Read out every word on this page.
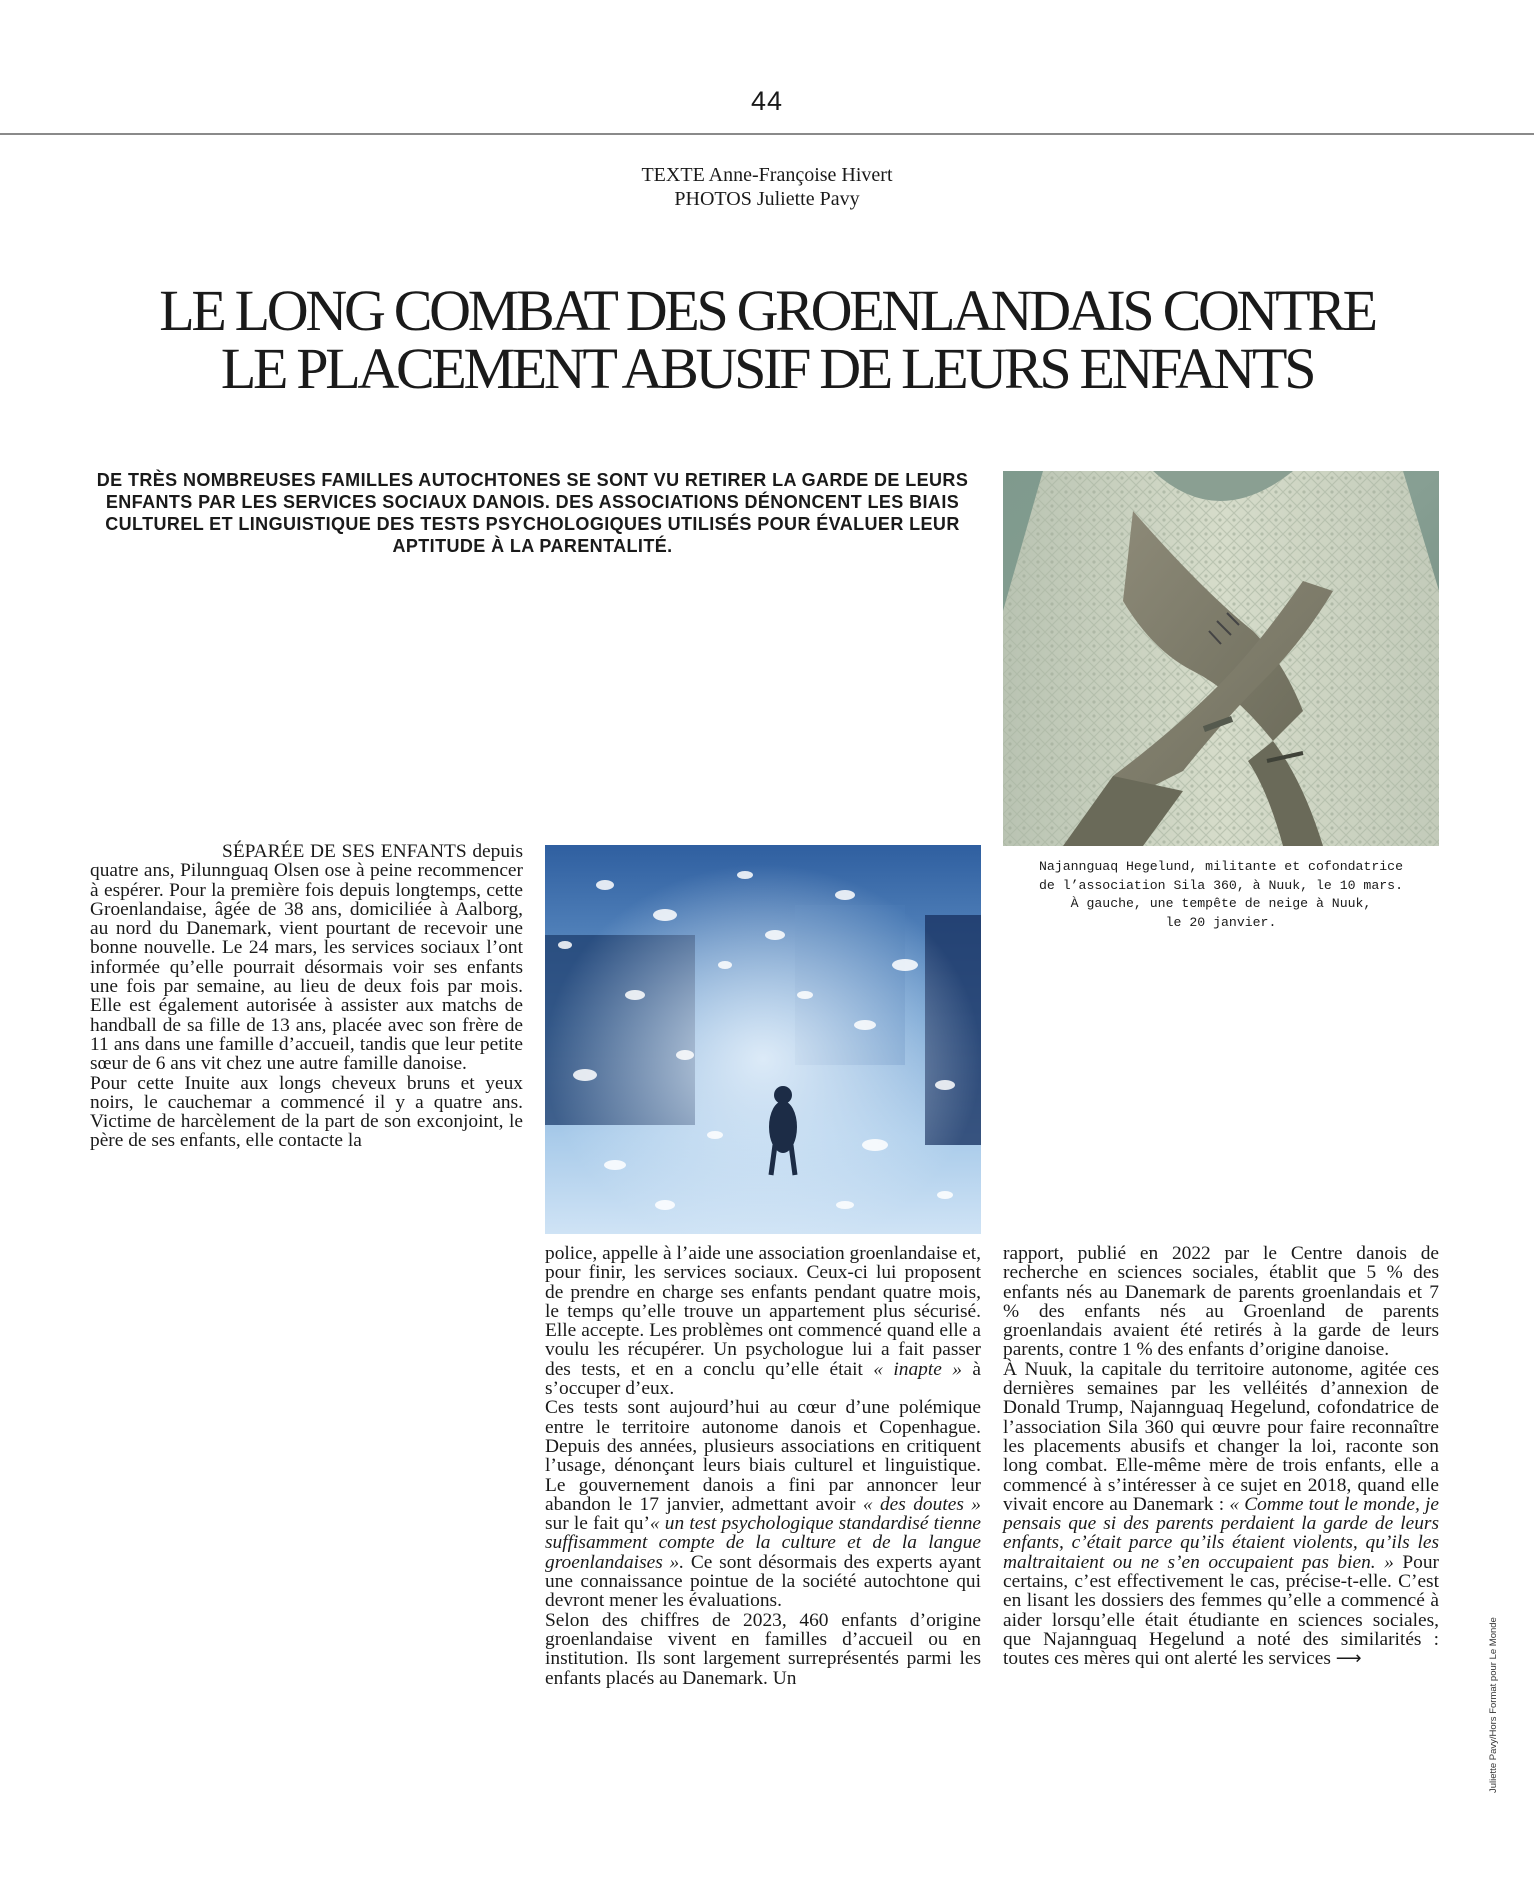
44
TEXTE Anne-Françoise Hivert
PHOTOS Juliette Pavy
LE LONG COMBAT DES GROENLANDAIS CONTRE
LE PLACEMENT ABUSIF DE LEURS ENFANTS
DE TRÈS NOMBREUSES FAMILLES AUTOCHTONES SE SONT VU RETIRER LA GARDE DE LEURS ENFANTS PAR LES SERVICES SOCIAUX DANOIS. DES ASSOCIATIONS DÉNONCENT LES BIAIS CULTUREL ET LINGUISTIQUE DES TESTS PSYCHOLOGIQUES UTILISÉS POUR ÉVALUER LEUR APTITUDE À LA PARENTALITÉ.
Najannguaq Hegelund, militante et cofondatrice
de l’association Sila 360, à Nuuk, le 10 mars.
À gauche, une tempête de neige à Nuuk,
le 20 janvier.

SÉPARÉE DE SES ENFANTS depuis quatre ans, Pilunnguaq Olsen ose à peine recommencer à espérer. Pour la première fois depuis longtemps, cette Groenlandaise, âgée de 38 ans, domiciliée à Aalborg, au nord du Danemark, vient pourtant de recevoir une bonne nouvelle. Le 24 mars, les services sociaux l’ont informée qu’elle pourrait désormais voir ses enfants une fois par semaine, au lieu de deux fois par mois. Elle est également autorisée à assister aux matchs de handball de sa fille de 13 ans, placée avec son frère de 11 ans dans une famille d’accueil, tandis que leur petite sœur de 6 ans vit chez une autre famille danoise.

Pour cette Inuite aux longs cheveux bruns et yeux noirs, le cauchemar a commencé il y a quatre ans. Victime de harcèlement de la part de son exconjoint, le père de ses enfants, elle contacte la

police, appelle à l’aide une association groenlandaise et, pour finir, les services sociaux. Ceux-ci lui proposent de prendre en charge ses enfants pendant quatre mois, le temps qu’elle trouve un appartement plus sécurisé. Elle accepte. Les problèmes ont commencé quand elle a voulu les récupérer. Un psychologue lui a fait passer des tests, et en a conclu qu’elle était « inapte » à s’occuper d’eux.

Ces tests sont aujourd’hui au cœur d’une polémique entre le territoire autonome danois et Copenhague. Depuis des années, plusieurs associations en critiquent l’usage, dénonçant leurs biais culturel et linguistique. Le gouvernement danois a fini par annoncer leur abandon le 17 janvier, admettant avoir « des doutes » sur le fait qu’« un test psychologique standardisé tienne suffisamment compte de la culture et de la langue groenlandaises ». Ce sont désormais des experts ayant une connaissance pointue de la société autochtone qui devront mener les évaluations.

Selon des chiffres de 2023, 460 enfants d’origine groenlandaise vivent en familles d’accueil ou en institution. Ils sont largement surreprésentés parmi les enfants placés au Danemark. Un

rapport, publié en 2022 par le Centre danois de recherche en sciences sociales, établit que 5 % des enfants nés au Danemark de parents groenlandais et 7 % des enfants nés au Groenland de parents groenlandais avaient été retirés à la garde de leurs parents, contre 1 % des enfants d’origine danoise.

À Nuuk, la capitale du territoire autonome, agitée ces dernières semaines par les velléités d’annexion de Donald Trump, Najannguaq Hegelund, cofondatrice de l’association Sila 360 qui œuvre pour faire reconnaître les placements abusifs et changer la loi, raconte son long combat. Elle-même mère de trois enfants, elle a commencé à s’intéresser à ce sujet en 2018, quand elle vivait encore au Danemark : « Comme tout le monde, je pensais que si des parents perdaient la garde de leurs enfants, c’était parce qu’ils étaient violents, qu’ils les maltraitaient ou ne s’en occupaient pas bien. » Pour certains, c’est effectivement le cas, précise-t-elle. C’est en lisant les dossiers des femmes qu’elle a commencé à aider lorsqu’elle était étudiante en sciences sociales, que Najannguaq Hegelund a noté des similarités : toutes ces mères qui ont alerté les services ⟶	Juliette Pavy/Hors Format pour Le Monde
